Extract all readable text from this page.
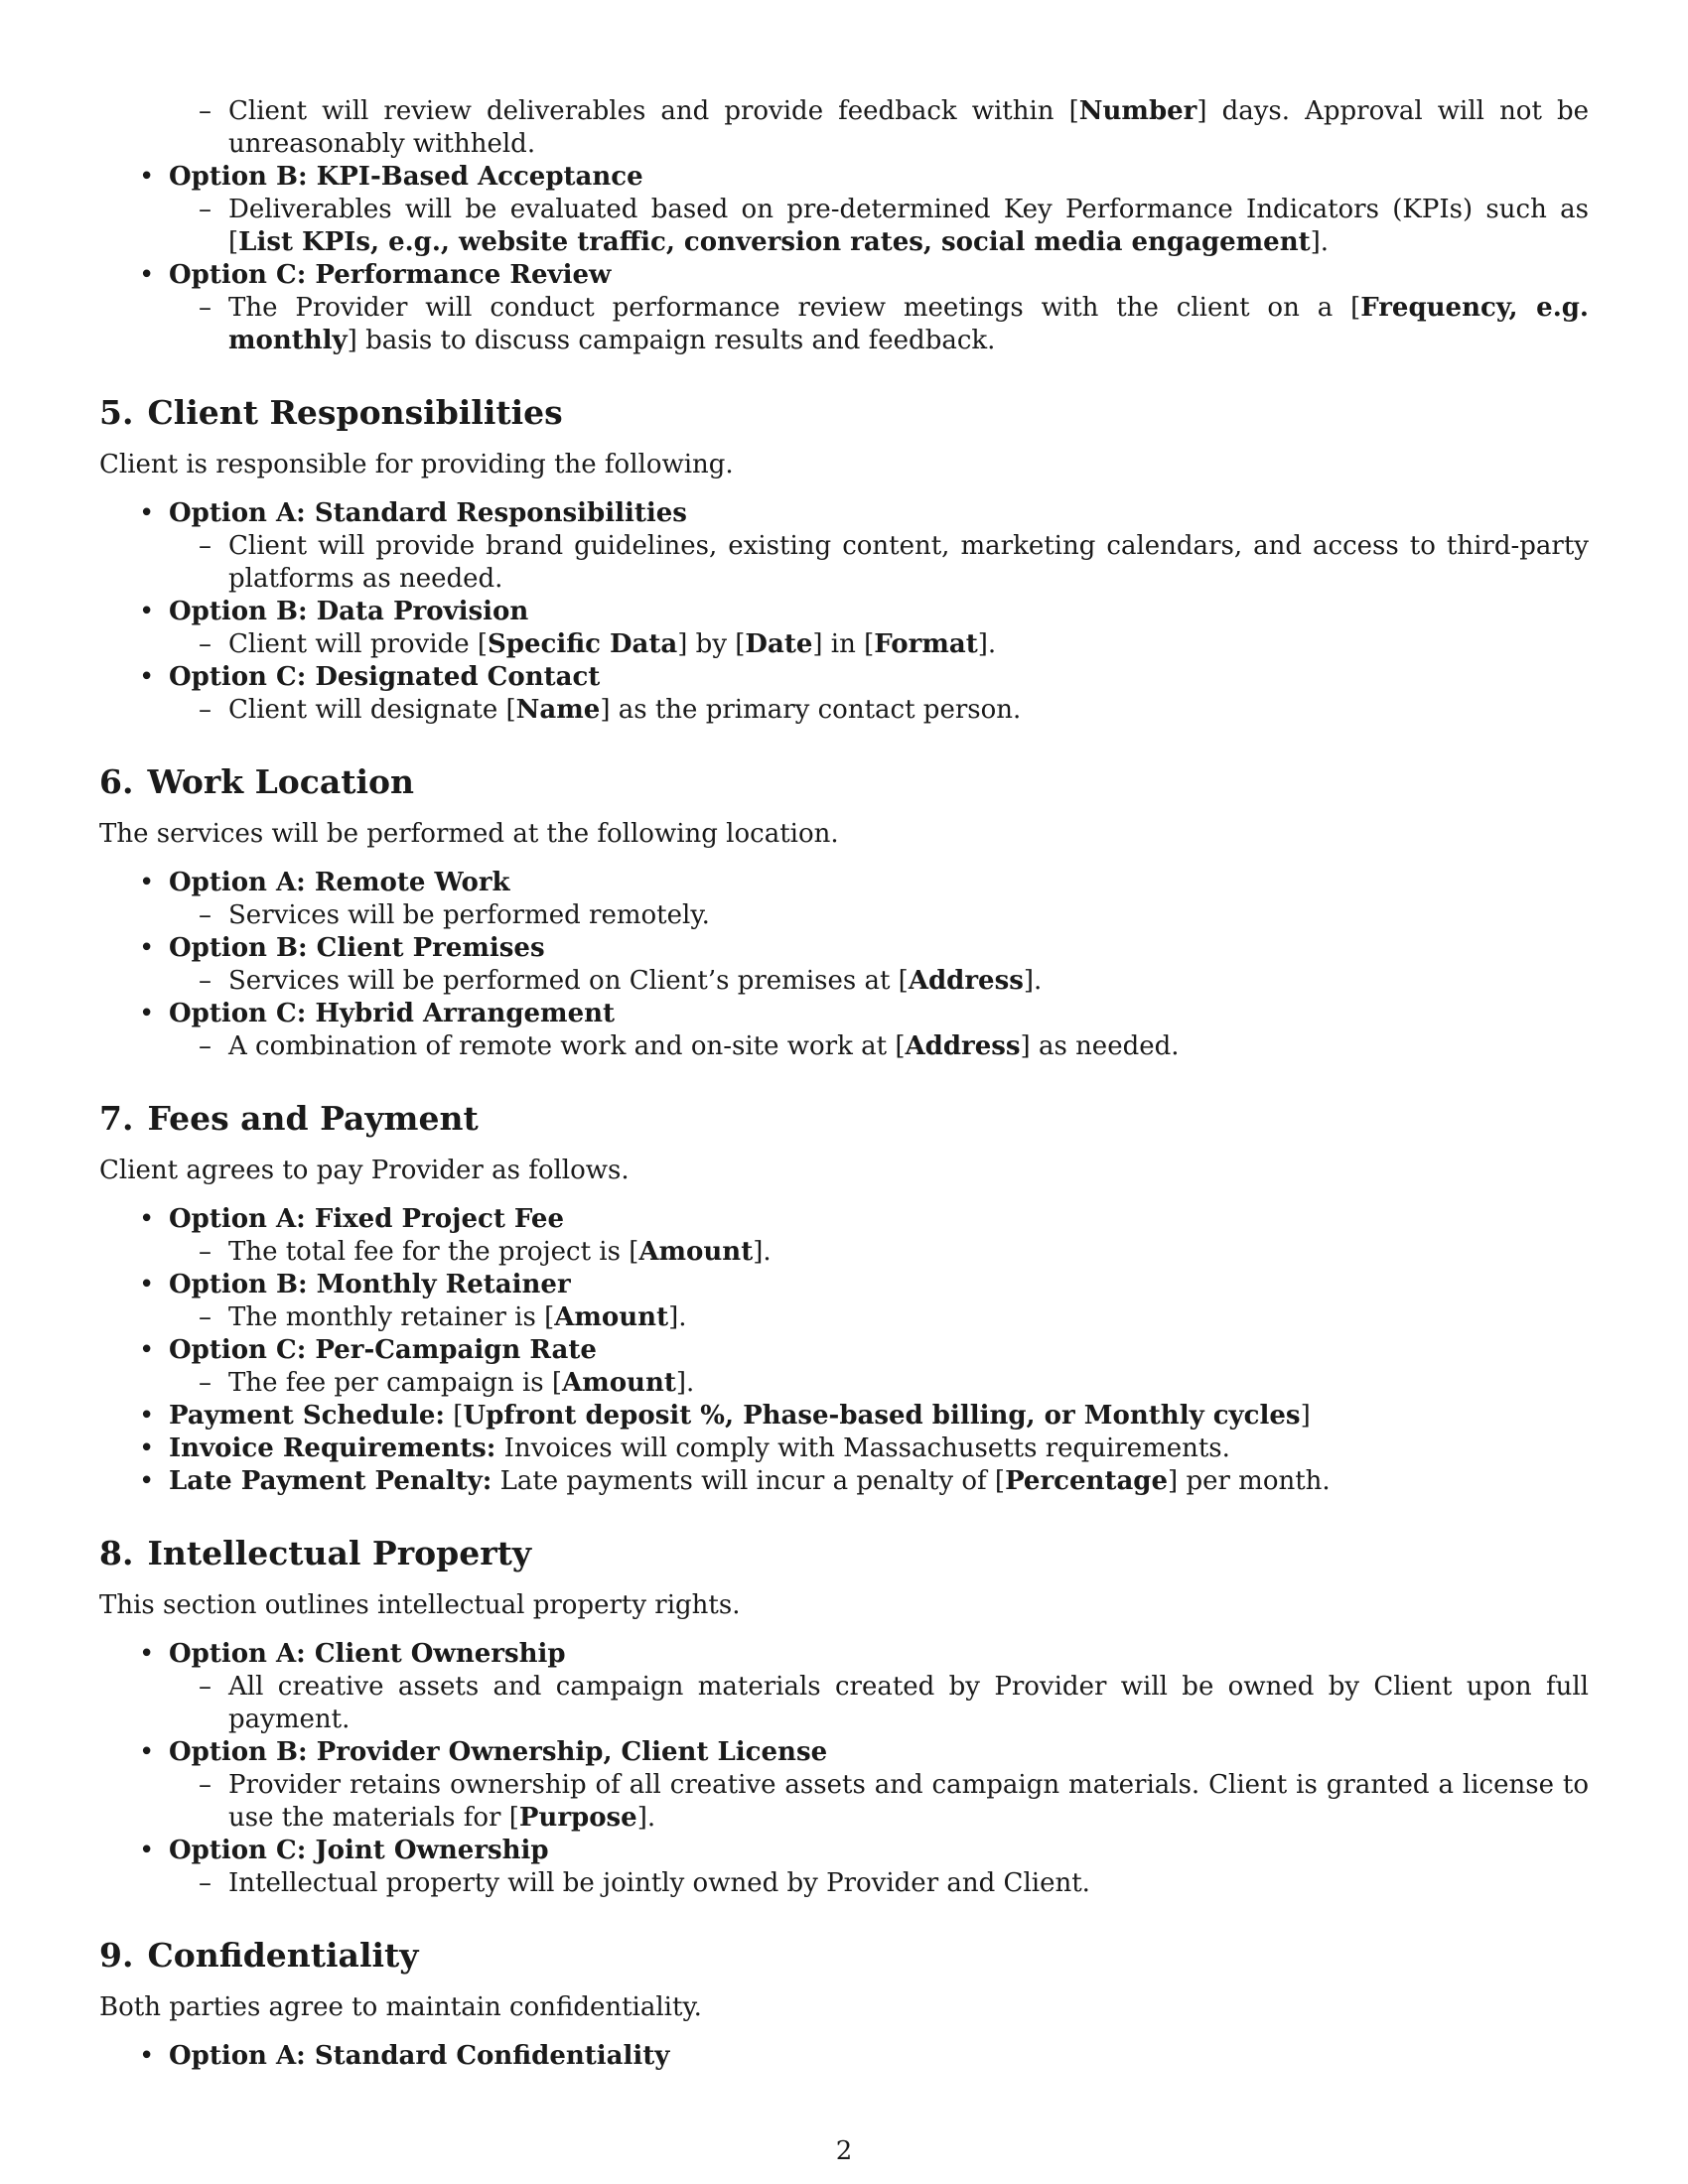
– Client will review deliverables and provide feedback within [Number] days. Approval will not be unreasonably withheld.
• Option B: KPI-Based Acceptance
– Deliverables will be evaluated based on pre-determined Key Performance Indicators (KPIs) such as [List KPIs, e.g., website traffic, conversion rates, social media engagement].
• Option C: Performance Review
– The Provider will conduct performance review meetings with the client on a [Frequency, e.g. monthly] basis to discuss campaign results and feedback.
5. Client Responsibilities

Client is responsible for providing the following.

• Option A: Standard Responsibilities
– Client will provide brand guidelines, existing content, marketing calendars, and access to third-party platforms as needed.
• Option B: Data Provision
– Client will provide [Specific Data] by [Date] in [Format].
• Option C: Designated Contact
– Client will designate [Name] as the primary contact person.
6. Work Location

The services will be performed at the following location.

• Option A: Remote Work
– Services will be performed remotely.
• Option B: Client Premises
– Services will be performed on Client’s premises at [Address].
• Option C: Hybrid Arrangement
– A combination of remote work and on-site work at [Address] as needed.
7. Fees and Payment

Client agrees to pay Provider as follows.

• Option A: Fixed Project Fee
– The total fee for the project is [Amount].
• Option B: Monthly Retainer
– The monthly retainer is [Amount].
• Option C: Per-Campaign Rate
– The fee per campaign is [Amount].
• Payment Schedule: [Upfront deposit %, Phase-based billing, or Monthly cycles]
• Invoice Requirements: Invoices will comply with Massachusetts requirements.
• Late Payment Penalty: Late payments will incur a penalty of [Percentage] per month.
8. Intellectual Property

This section outlines intellectual property rights.

• Option A: Client Ownership
– All creative assets and campaign materials created by Provider will be owned by Client upon full payment.
• Option B: Provider Ownership, Client License
– Provider retains ownership of all creative assets and campaign materials. Client is granted a license to use the materials for [Purpose].
• Option C: Joint Ownership
– Intellectual property will be jointly owned by Provider and Client.
9. Confidentiality

Both parties agree to maintain confidentiality.

• Option A: Standard Confidentiality
2
